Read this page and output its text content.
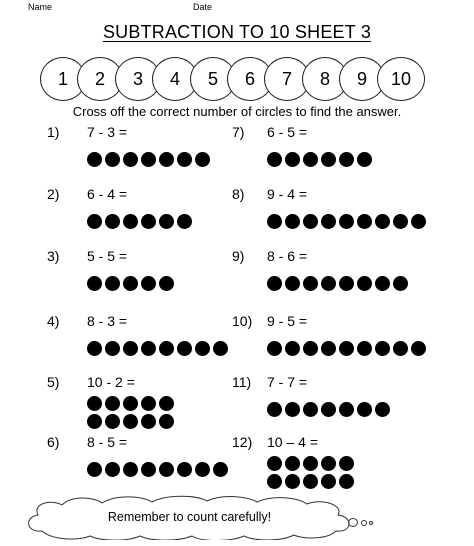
Name	Date
SUBTRACTION TO 10 SHEET 3
1	2	3	4	5	6	7	8	9	10
Cross off the correct number of circles to find the answer.
1) 7 - 3 =
2) 6 - 4 =
3) 5 - 5 =
4) 8 - 3 =
5) 10 - 2 =
6) 8 - 5 =
7) 6 - 5 =
8) 9 - 4 =
9) 8 - 6 =
10) 9 - 5 =
11) 7 - 7 =
12) 10 – 4 =
Remember to count carefully!
